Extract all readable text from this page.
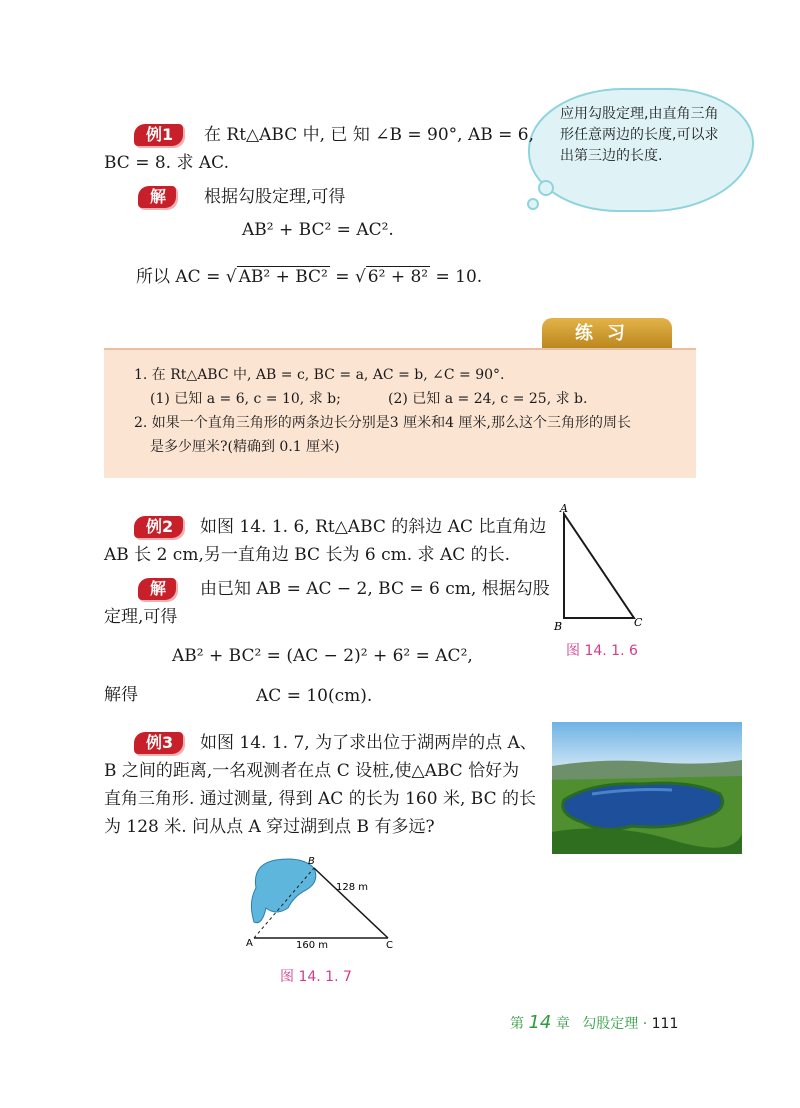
应用勾股定理,由直角三角形任意两边的长度,可以求出第三边的长度.
例1	在 Rt△ABC 中, 已 知 ∠B = 90°, AB = 6,
BC = 8. 求 AC.
解	根据勾股定理,可得
AB² + BC² = AC².
所以 AC = √ AB² + BC² = √ 6² + 8² = 10.
练习
1. 在 Rt△ABC 中, AB = c, BC = a, AC = b, ∠C = 90°.
(1) 已知 a = 6, c = 10, 求 b;	(2) 已知 a = 24, c = 25, 求 b.
2. 如果一个直角三角形的两条边长分别是3 厘米和4 厘米,那么这个三角形的周长
是多少厘米?(精确到 0.1 厘米)
例2	如图 14. 1. 6, Rt△ABC 的斜边 AC 比直角边
AB 长 2 cm,另一直角边 BC 长为 6 cm. 求 AC 的长.
解	由已知 AB = AC − 2, BC = 6 cm, 根据勾股
定理,可得
AB² + BC² = (AC − 2)² + 6² = AC²,
解得	AC = 10(cm).
A
B	C
图 14. 1. 6
例3	如图 14. 1. 7, 为了求出位于湖两岸的点 A、
B 之间的距离,一名观测者在点 C 设桩,使△ABC 恰好为
直角三角形. 通过测量, 得到 AC 的长为 160 米, BC 的长
为 128 米. 问从点 A 穿过湖到点 B 有多远?
A
B
C
128 m
160 m
图 14. 1. 7
第 14 章 勾股定理 · 111
